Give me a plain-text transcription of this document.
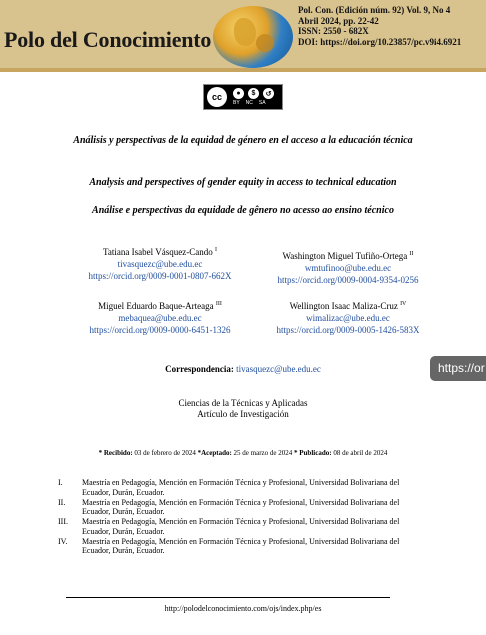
Polo del Conocimiento
Pol. Con. (Edición núm. 92) Vol. 9, No 4
Abril 2024, pp. 22-42
ISSN: 2550 - 682X
DOI: https://doi.org/10.23857/pc.v9i4.6921
cc	●	$	↺
BY NC SA
Análisis y perspectivas de la equidad de género en el acceso a la educación técnica
Analysis and perspectives of gender equity in access to technical education
Análise e perspectivas da equidade de gênero no acesso ao ensino técnico
Tatiana Isabel Vásquez-Cando $^I$
tivasquezc@ube.edu.ec
https://orcid.org/0009-0001-0807-662X
Washington Miguel Tufiño-Ortega $^{II}$
wmtufinoo@ube.edu.ec
https://orcid.org/0009-0004-9354-0256
Miguel Eduardo Baque-Arteaga $^{III}$
mebaquea@ube.edu.ec
https://orcid.org/0009-0000-6451-1326
Wellington Isaac Maliza-Cruz $^{IV}$
wimalizac@ube.edu.ec
https://orcid.org/0009-0005-1426-583X
Correspondencia: tivasquezc@ube.edu.ec
Ciencias de la Técnicas y Aplicadas
Artículo de Investigación
* Recibido: 03 de febrero de 2024 *Aceptado: 25 de marzo de 2024 * Publicado: 08 de abril de 2024
I.	Maestría en Pedagogía, Mención en Formación Técnica y Profesional, Universidad Bolivariana del Ecuador, Durán, Ecuador.
II.	Maestría en Pedagogía, Mención en Formación Técnica y Profesional, Universidad Bolivariana del Ecuador, Durán, Ecuador.
III.	Maestría en Pedagogía, Mención en Formación Técnica y Profesional, Universidad Bolivariana del Ecuador, Durán, Ecuador.
IV.	Maestría en Pedagogía, Mención en Formación Técnica y Profesional, Universidad Bolivariana del Ecuador, Durán, Ecuador.
http://polodelconocimiento.com/ojs/index.php/es
https://or
